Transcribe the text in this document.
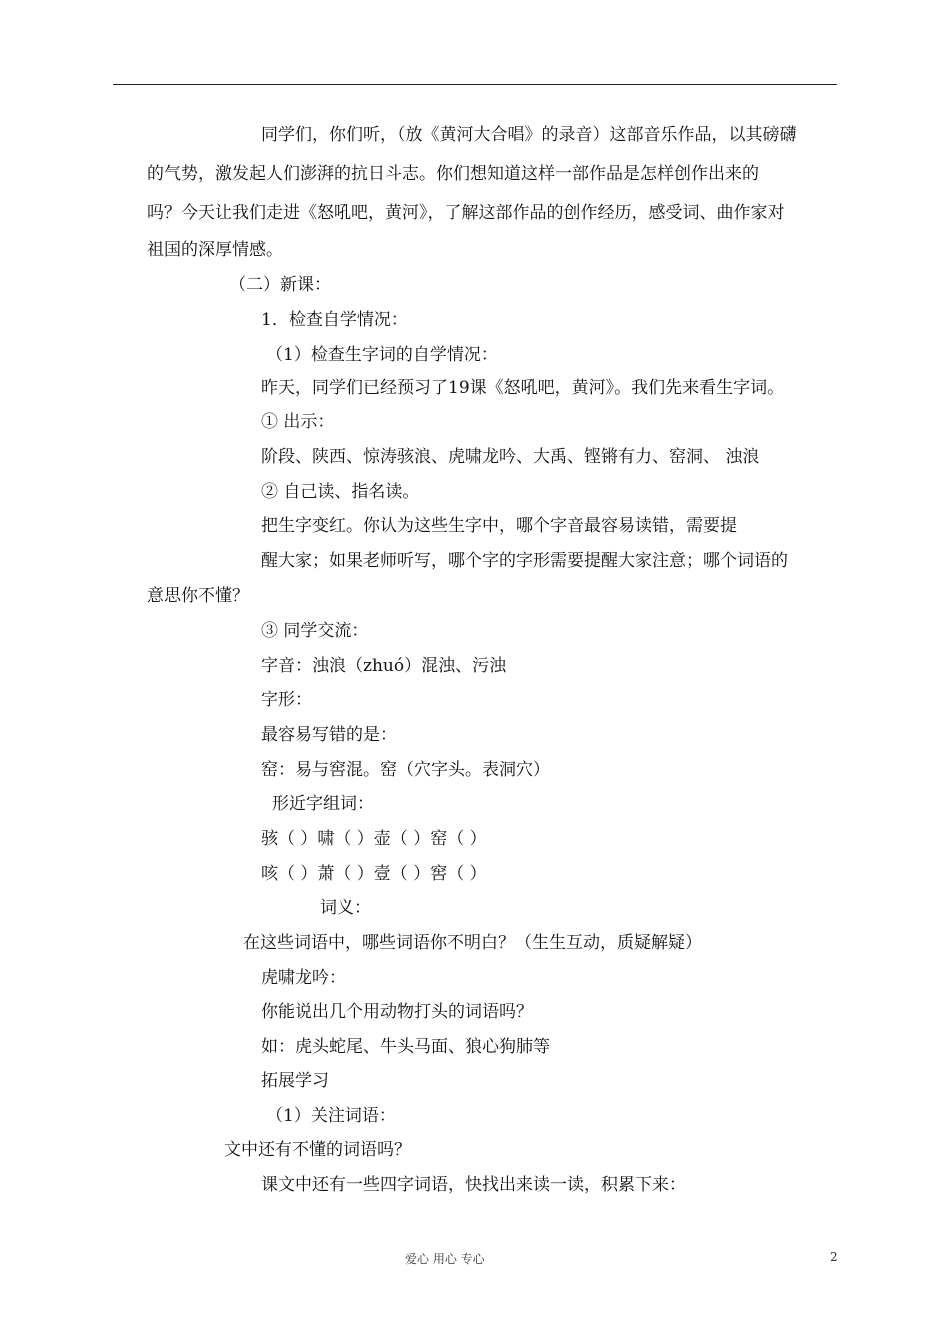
同学们，你们听，（放《黄河大合唱》的录音）这部音乐作品，以其磅礴
的气势，激发起人们澎湃的抗日斗志。你们想知道这样一部作品是怎样创作出来的
吗？今天让我们走进《怒吼吧，黄河》，了解这部作品的创作经历，感受词、曲作家对
祖国的深厚情感。
（二）新课：
1．检查自学情况：
（1）检查生字词的自学情况：
昨天，同学们已经预习了19课《怒吼吧，黄河》。我们先来看生字词。
① 出示：
阶段、陕西、惊涛骇浪、虎啸龙吟、大禹、铿锵有力、窑洞、 浊浪
② 自己读、指名读。
把生字变红。你认为这些生字中，哪个字音最容易读错，需要提
醒大家；如果老师听写，哪个字的字形需要提醒大家注意；哪个词语的
意思你不懂？
③ 同学交流：
字音：浊浪（zhuó）混浊、污浊
字形：
最容易写错的是：
窑：易与窖混。窑（穴字头。表洞穴）
形近字组词：
骇（ ）啸（ ）壶（ ）窑（ ）
咳（ ）萧（ ）壹（ ）窖（ ）
词义：
在这些词语中，哪些词语你不明白？（生生互动，质疑解疑）
虎啸龙吟：
你能说出几个用动物打头的词语吗？
如：虎头蛇尾、牛头马面、狼心狗肺等
拓展学习
（1）关注词语：
文中还有不懂的词语吗？
课文中还有一些四字词语，快找出来读一读，积累下来：
爱心 用心 专心	2
